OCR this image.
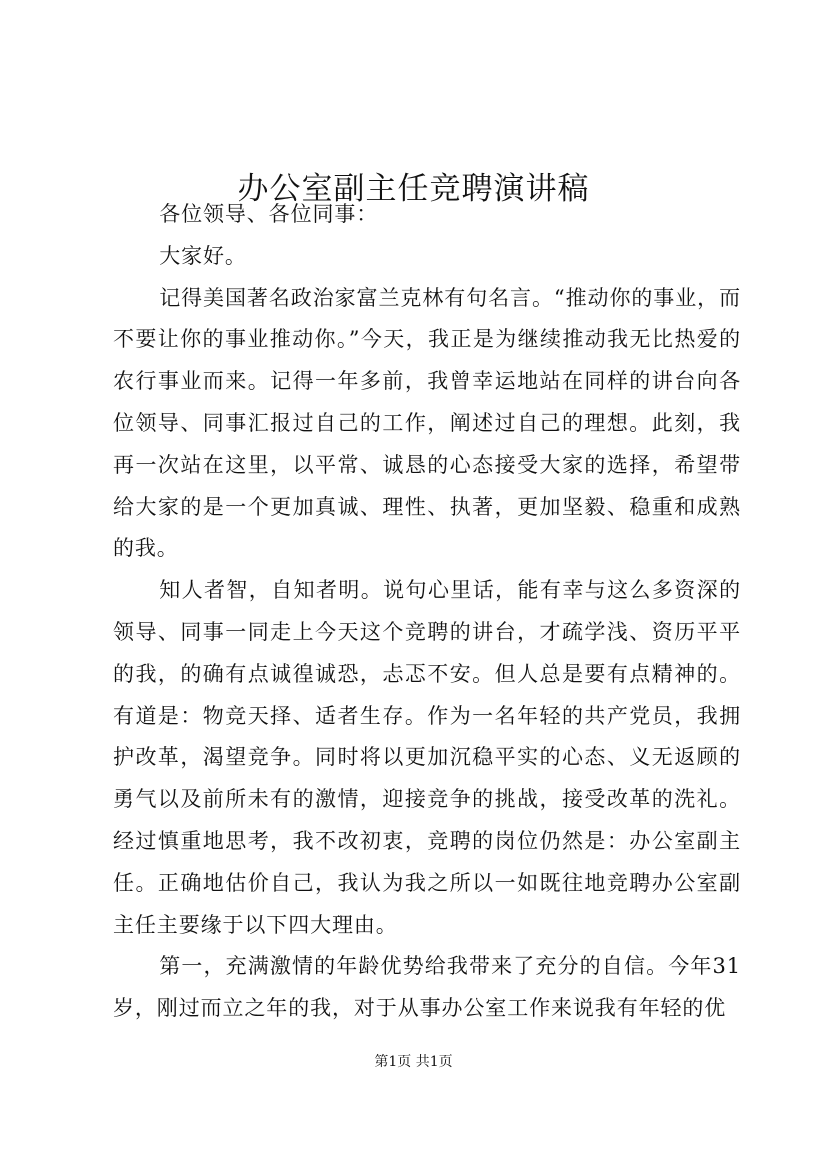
办公室副主任竞聘演讲稿

各位领导、各位同事：

大家好。

记得美国著名政治家富兰克林有句名言。“推动你的事业，而不要让你的事业推动你。”今天，我正是为继续推动我无比热爱的农行事业而来。记得一年多前，我曾幸运地站在同样的讲台向各位领导、同事汇报过自己的工作，阐述过自己的理想。此刻，我再一次站在这里，以平常、诚恳的心态接受大家的选择，希望带给大家的是一个更加真诚、理性、执著，更加坚毅、稳重和成熟的我。

知人者智，自知者明。说句心里话，能有幸与这么多资深的领导、同事一同走上今天这个竞聘的讲台，才疏学浅、资历平平的我，的确有点诚徨诚恐，忐忑不安。但人总是要有点精神的。有道是：物竞天择、适者生存。作为一名年轻的共产党员，我拥护改革，渴望竞争。同时将以更加沉稳平实的心态、义无返顾的勇气以及前所未有的激情，迎接竞争的挑战，接受改革的洗礼。经过慎重地思考，我不改初衷，竞聘的岗位仍然是：办公室副主任。正确地估价自己，我认为我之所以一如既往地竞聘办公室副主任主要缘于以下四大理由。

第一，充满激情的年龄优势给我带来了充分的自信。今年31岁，刚过而立之年的我，对于从事办公室工作来说我有年轻的优

第1页 共1页
